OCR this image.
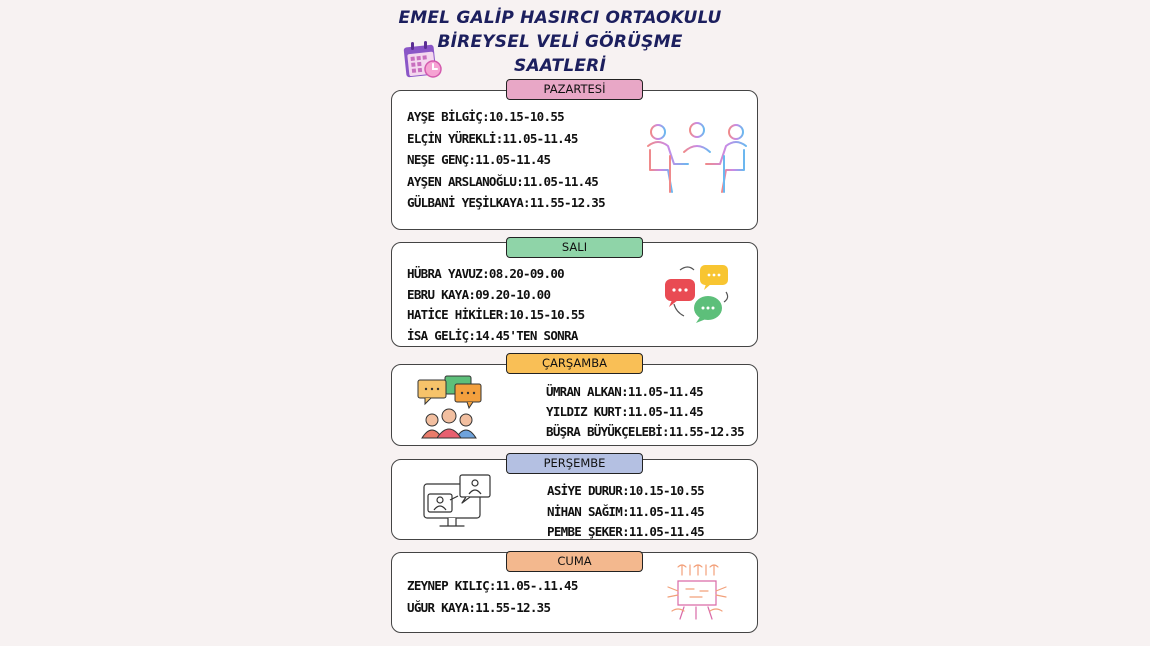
EMEL GALİP HASIRCI ORTAOKULU
BİREYSEL VELİ GÖRÜŞME
SAATLERİ
PAZARTESİ
AYŞE BİLGİÇ:10.15-10.55
ELÇİN YÜREKLİ:11.05-11.45
NEŞE GENÇ:11.05-11.45
AYŞEN ARSLANOĞLU:11.05-11.45
GÜLBANİ YEŞİLKAYA:11.55-12.35
SALI
HÜBRA YAVUZ:08.20-09.00
EBRU KAYA:09.20-10.00
HATİCE HİKİLER:10.15-10.55
İSA GELİÇ:14.45'TEN SONRA
ÇARŞAMBA
ÜMRAN ALKAN:11.05-11.45
YILDIZ KURT:11.05-11.45
BÜŞRA BÜYÜKÇELEBİ:11.55-12.35
PERŞEMBE
ASİYE DURUR:10.15-10.55
NİHAN SAĞIM:11.05-11.45
PEMBE ŞEKER:11.05-11.45
CUMA
ZEYNEP KILIÇ:11.05-.11.45
UĞUR KAYA:11.55-12.35
